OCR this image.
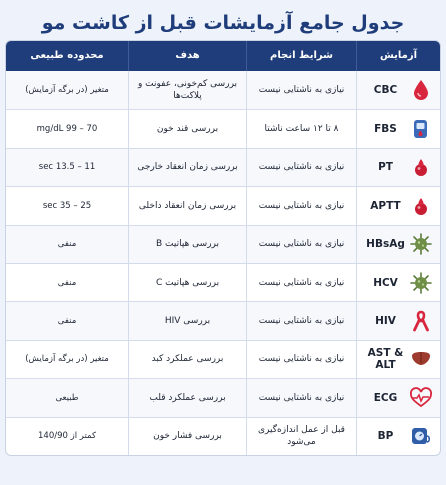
جدول جامع آزمایشات قبل از کاشت مو
آزمایش
شرایط انجام
هدف
محدوده طبیعی
CBC
نیازی به ناشتایی نیست
بررسی کم‌خونی، عفونت و پلاکت‌ها
متغیر (در برگه آزمایش)
FBS
۸ تا ۱۲ ساعت ناشتا
بررسی قند خون
70 – 99 mg/dL
PT
نیازی به ناشتایی نیست
بررسی زمان انعقاد خارجی
11 – 13.5 sec
APTT
نیازی به ناشتایی نیست
بررسی زمان انعقاد داخلی
25 – 35 sec
HBsAg
نیازی به ناشتایی نیست
بررسی هپاتیت B
منفی
HCV
نیازی به ناشتایی نیست
بررسی هپاتیت C
منفی
HIV
نیازی به ناشتایی نیست
بررسی HIV
منفی
AST & ALT
نیازی به ناشتایی نیست
بررسی عملکرد کبد
متغیر (در برگه آزمایش)
ECG
نیازی به ناشتایی نیست
بررسی عملکرد قلب
طبیعی
BP
قبل از عمل اندازه‌گیری می‌شود
بررسی فشار خون
کمتر از 140/90
